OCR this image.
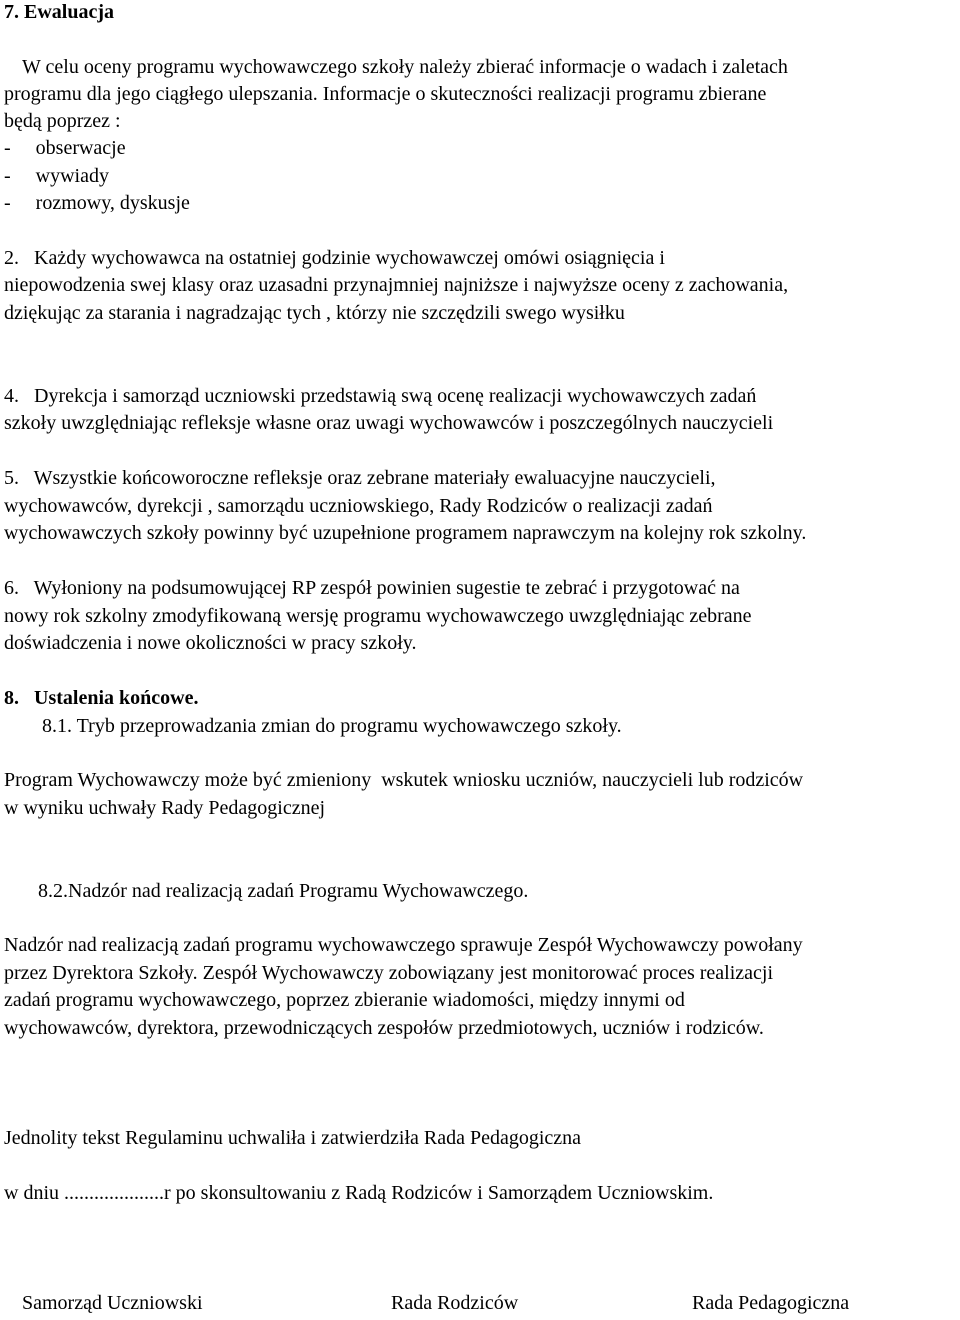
7. Ewaluacja
W celu oceny programu wychowawczego szkoły należy zbierać informacje o wadach i zaletach
programu dla jego ciągłego ulepszania. Informacje o skuteczności realizacji programu zbierane
będą poprzez :
-     obserwacje
-     wywiady
-     rozmowy, dyskusje
2.   Każdy wychowawca na ostatniej godzinie wychowawczej omówi osiągnięcia i
niepowodzenia swej klasy oraz uzasadni przynajmniej najniższe i najwyższe oceny z zachowania,
dziękując za starania i nagradzając tych , którzy nie szczędzili swego wysiłku
4.   Dyrekcja i samorząd uczniowski przedstawią swą ocenę realizacji wychowawczych zadań
szkoły uwzględniając refleksje własne oraz uwagi wychowawców i poszczególnych nauczycieli
5.   Wszystkie końcoworoczne refleksje oraz zebrane materiały ewaluacyjne nauczycieli,
wychowawców, dyrekcji , samorządu uczniowskiego, Rady Rodziców o realizacji zadań
wychowawczych szkoły powinny być uzupełnione programem naprawczym na kolejny rok szkolny.
6.   Wyłoniony na podsumowującej RP zespół powinien sugestie te zebrać i przygotować na
nowy rok szkolny zmodyfikowaną wersję programu wychowawczego uwzględniając zebrane
doświadczenia i nowe okoliczności w pracy szkoły.
8.   Ustalenia końcowe.
8.1. Tryb przeprowadzania zmian do programu wychowawczego szkoły.
Program Wychowawczy może być zmieniony  wskutek wniosku uczniów, nauczycieli lub rodziców
w wyniku uchwały Rady Pedagogicznej
8.2.Nadzór nad realizacją zadań Programu Wychowawczego.
Nadzór nad realizacją zadań programu wychowawczego sprawuje Zespół Wychowawczy powołany
przez Dyrektora Szkoły. Zespół Wychowawczy zobowiązany jest monitorować proces realizacji
zadań programu wychowawczego, poprzez zbieranie wiadomości, między innymi od
wychowawców, dyrektora, przewodniczących zespołów przedmiotowych, uczniów i rodziców.
Jednolity tekst Regulaminu uchwaliła i zatwierdziła Rada Pedagogiczna
w dniu ....................r po skonsultowaniu z Radą Rodziców i Samorządem Uczniowskim.
Samorząd Uczniowski	Rada Rodziców	Rada Pedagogiczna
